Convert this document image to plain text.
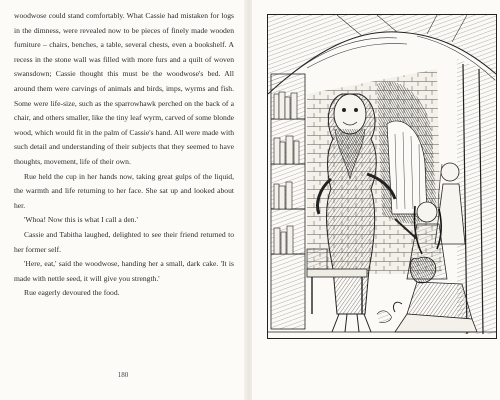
woodwose could stand comfortably. What Cassie had mistaken for logs in the dimness, were revealed now to be pieces of finely made wooden furniture – chairs, benches, a table, several chests, even a bookshelf. A recess in the stone wall was filled with more furs and a quilt of woven swansdown; Cassie thought this must be the woodwose's bed. All around them were carvings of animals and birds, imps, wyrms and fish. Some were life-size, such as the sparrowhawk perched on the back of a chair, and others smaller, like the tiny leaf wyrm, carved of some blonde wood, which would fit in the palm of Cassie's hand. All were made with such detail and understanding of their subjects that they seemed to have thoughts, movement, life of their own.

Rue held the cup in her hands now, taking great gulps of the liquid, the warmth and life returning to her face. She sat up and looked about her.

'Whoa! Now this is what I call a den.'

Cassie and Tabitha laughed, delighted to see their friend returned to her former self.

'Here, eat,' said the woodwose, handing her a small, dark cake. 'It is made with nettle seed, it will give you strength.'

Rue eagerly devoured the food.

180
